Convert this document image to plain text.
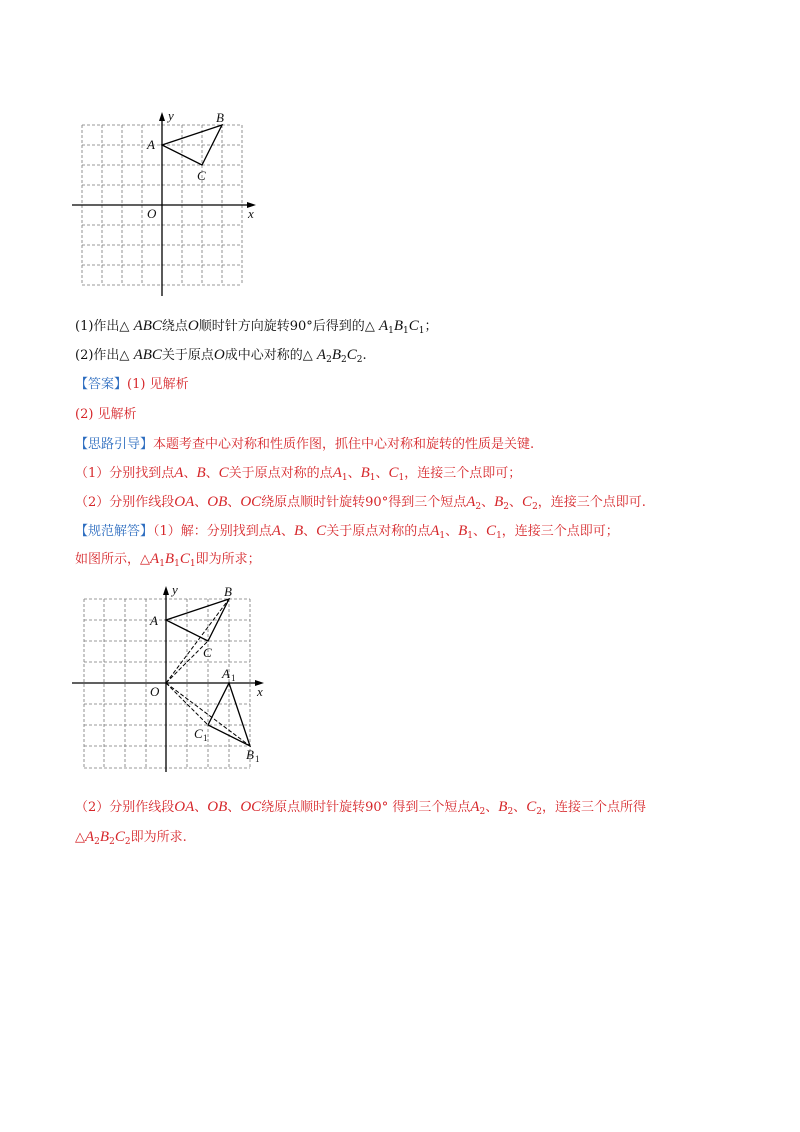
A
B
C
O	x
y
(1)作出△ ABC绕点O顺时针方向旋转90°后得到的△ $A_1B_1C_1$；
(2)作出△ ABC关于原点O成中心对称的△ $A_2B_2C_2$.
【答案】(1) 见解析
(2) 见解析
【思路引导】本题考查中心对称和性质作图，抓住中心对称和旋转的性质是关键.
（1）分别找到点A、B、C关于原点对称的点$A_1$、$B_1$、$C_1$，连接三个点即可；
（2）分别作线段OA、OB、OC绕原点顺时针旋转90°得到三个短点$A_2$、$B_2$、$C_2$，连接三个点即可.
【规范解答】（1）解：分别找到点A、B、C关于原点对称的点$A_1$、$B_1$、$C_1$，连接三个点即可；
如图所示，$\triangle A_1B_1C_1$即为所求；
A
B
C
O	x
y
A 1
B 1
C 1
（2）分别作线段OA、OB、OC绕原点顺时针旋转90° 得到三个短点$A_2$、$B_2$、$C_2$，连接三个点所得
$\triangle A_2B_2C_2$即为所求.
